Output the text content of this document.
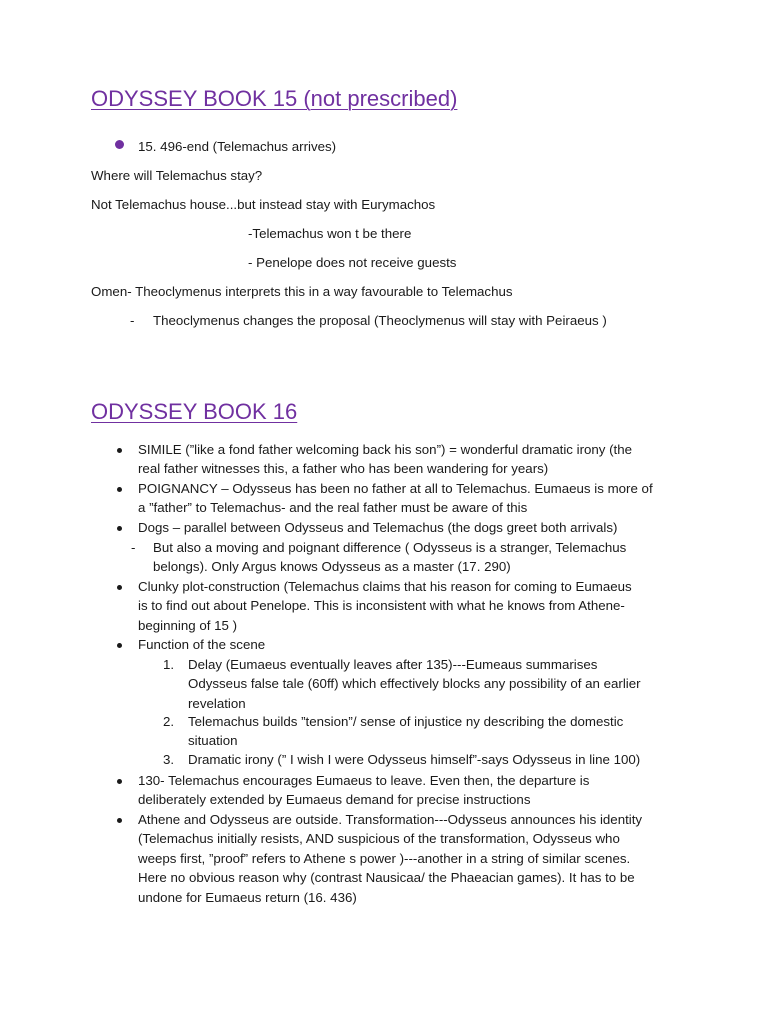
ODYSSEY BOOK 15 (not prescribed)

15. 496-end (Telemachus arrives)

Where will Telemachus stay?

Not Telemachus house...but instead stay with Eurymachos

-Telemachus won t be there

- Penelope does not receive guests

Omen- Theoclymenus interprets this in a way favourable to Telemachus

- Theoclymenus changes the proposal (Theoclymenus will stay with Peiraeus )

ODYSSEY BOOK 16
SIMILE (”like a fond father welcoming back his son”) = wonderful dramatic irony (the
real father witnesses this, a father who has been wandering for years)
POIGNANCY – Odysseus has been no father at all to Telemachus. Eumaeus is more of
a ”father” to Telemachus- and the real father must be aware of this
Dogs – parallel between Odysseus and Telemachus (the dogs greet both arrivals)
- But also a moving and poignant difference ( Odysseus is a stranger, Telemachus
belongs). Only Argus knows Odysseus as a master (17. 290)
Clunky plot-construction (Telemachus claims that his reason for coming to Eumaeus
is to find out about Penelope. This is inconsistent with what he knows from Athene-
beginning of 15 )
Function of the scene
1. Delay (Eumaeus eventually leaves after 135)---Eumeaus summarises
Odysseus false tale (60ff) which effectively blocks any possibility of an earlier
revelation
2. Telemachus builds ”tension”/ sense of injustice ny describing the domestic
situation
3. Dramatic irony (” I wish I were Odysseus himself”-says Odysseus in line 100)
130- Telemachus encourages Eumaeus to leave. Even then, the departure is
deliberately extended by Eumaeus demand for precise instructions
Athene and Odysseus are outside. Transformation---Odysseus announces his identity
(Telemachus initially resists, AND suspicious of the transformation, Odysseus who
weeps first, ”proof” refers to Athene s power )---another in a string of similar scenes.
Here no obvious reason why (contrast Nausicaa/ the Phaeacian games). It has to be
undone for Eumaeus return (16. 436)
